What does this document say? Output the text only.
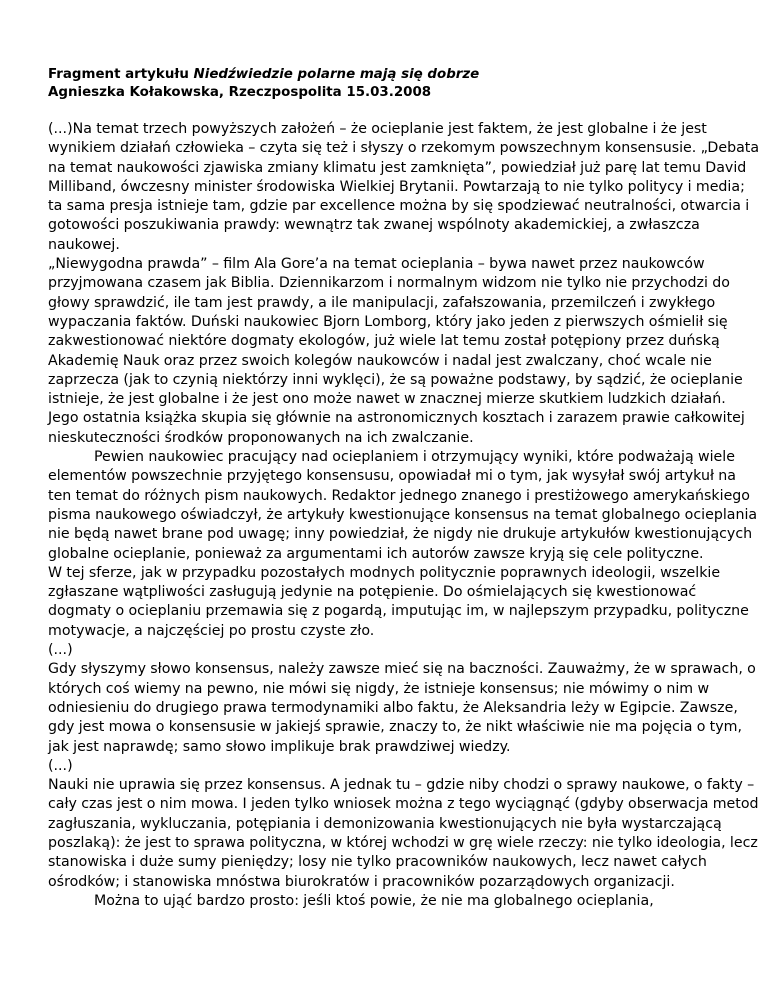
Fragment artykułu Niedźwiedzie polarne mają się dobrze
Agnieszka Kołakowska, Rzeczpospolita 15.03.2008

(...)Na temat trzech powyższych założeń – że ocieplanie jest faktem, że jest globalne i że jest wynikiem działań człowieka – czyta się też i słyszy o rzekomym powszechnym konsensusie. „Debata na temat naukowości zjawiska zmiany klimatu jest zamknięta”, powiedział już parę lat temu David Milliband, ówczesny minister środowiska Wielkiej Brytanii. Powtarzają to nie tylko politycy i media; ta sama presja istnieje tam, gdzie par excellence można by się spodziewać neutralności, otwarcia i gotowości poszukiwania prawdy: wewnątrz tak zwanej wspólnoty akademickiej, a zwłaszcza naukowej.

„Niewygodna prawda” – film Ala Gore’a na temat ocieplania – bywa nawet przez naukowców przyjmowana czasem jak Biblia. Dziennikarzom i normalnym widzom nie tylko nie przychodzi do głowy sprawdzić, ile tam jest prawdy, a ile manipulacji, zafałszowania, przemilczeń i zwykłego wypaczania faktów. Duński naukowiec Bjorn Lomborg, który jako jeden z pierwszych ośmielił się zakwestionować niektóre dogmaty ekologów, już wiele lat temu został potępiony przez duńską Akademię Nauk oraz przez swoich kolegów naukowców i nadal jest zwalczany, choć wcale nie zaprzecza (jak to czynią niektórzy inni wyklęci), że są poważne podstawy, by sądzić, że ocieplanie istnieje, że jest globalne i że jest ono może nawet w znacznej mierze skutkiem ludzkich działań. Jego ostatnia książka skupia się głównie na astronomicznych kosztach i zarazem prawie całkowitej nieskuteczności środków proponowanych na ich zwalczanie.

Pewien naukowiec pracujący nad ocieplaniem i otrzymujący wyniki, które podważają wiele elementów powszechnie przyjętego konsensusu, opowiadał mi o tym, jak wysyłał swój artykuł na ten temat do różnych pism naukowych. Redaktor jednego znanego i prestiżowego amerykańskiego pisma naukowego oświadczył, że artykuły kwestionujące konsensus na temat globalnego ocieplania nie będą nawet brane pod uwagę; inny powiedział, że nigdy nie drukuje artykułów kwestionujących globalne ocieplanie, ponieważ za argumentami ich autorów zawsze kryją się cele polityczne.

W tej sferze, jak w przypadku pozostałych modnych politycznie poprawnych ideologii, wszelkie zgłaszane wątpliwości zasługują jedynie na potępienie. Do ośmielających się kwestionować dogmaty o ocieplaniu przemawia się z pogardą, imputując im, w najlepszym przypadku, polityczne motywacje, a najczęściej po prostu czyste zło.

(...)

Gdy słyszymy słowo konsensus, należy zawsze mieć się na baczności. Zauważmy, że w sprawach, o których coś wiemy na pewno, nie mówi się nigdy, że istnieje konsensus; nie mówimy o nim w odniesieniu do drugiego prawa termodynamiki albo faktu, że Aleksandria leży w Egipcie. Zawsze, gdy jest mowa o konsensusie w jakiejś sprawie, znaczy to, że nikt właściwie nie ma pojęcia o tym, jak jest naprawdę; samo słowo implikuje brak prawdziwej wiedzy.

(...)

Nauki nie uprawia się przez konsensus. A jednak tu – gdzie niby chodzi o sprawy naukowe, o fakty – cały czas jest o nim mowa. I jeden tylko wniosek można z tego wyciągnąć (gdyby obserwacja metod zagłuszania, wykluczania, potępiania i demonizowania kwestionujących nie była wystarczającą poszlaką): że jest to sprawa polityczna, w której wchodzi w grę wiele rzeczy: nie tylko ideologia, lecz stanowiska i duże sumy pieniędzy; losy nie tylko pracowników naukowych, lecz nawet całych ośrodków; i stanowiska mnóstwa biurokratów i pracowników pozarządowych organizacji.

Można to ująć bardzo prosto: jeśli ktoś powie, że nie ma globalnego ocieplania,
